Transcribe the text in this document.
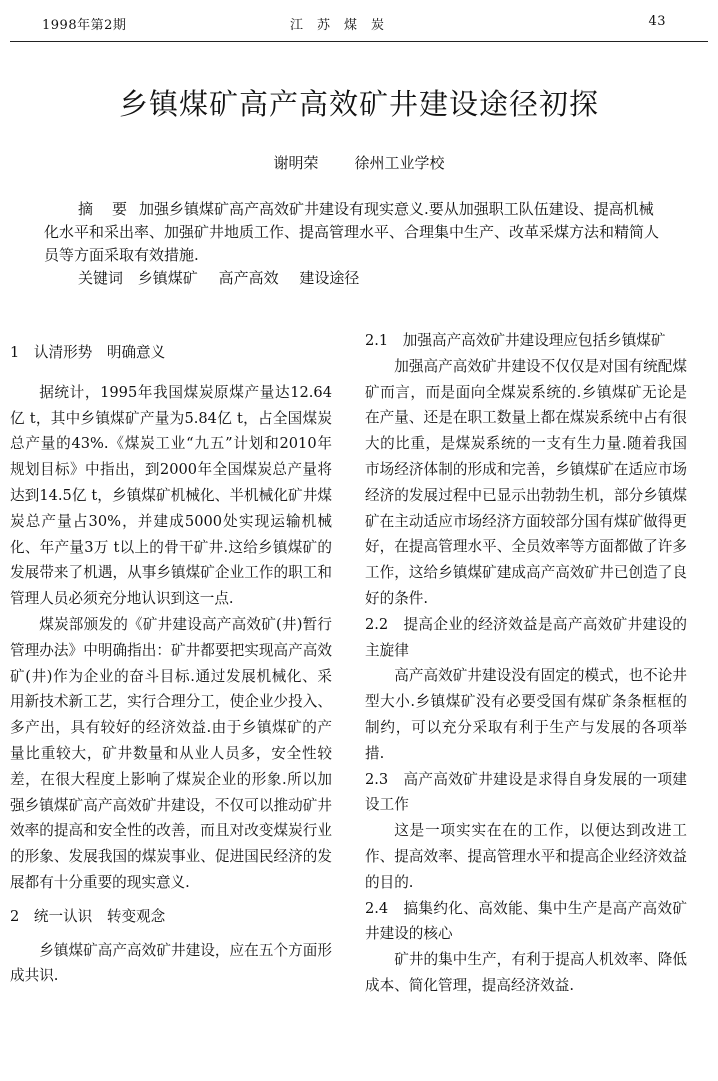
1998年第2期	江苏煤炭	43
乡镇煤矿高产高效矿井建设途径初探
谢明荣 徐州工业学校

摘　要 加强乡镇煤矿高产高效矿井建设有现实意义.要从加强职工队伍建设、提高机械化水平和采出率、加强矿井地质工作、提高管理水平、合理集中生产、改革采煤方法和精简人员等方面采取有效措施.

关键词 乡镇煤矿 高产高效 建设途径

1　认清形势　明确意义

据统计，1995年我国煤炭原煤产量达12.64亿 t，其中乡镇煤矿产量为5.84亿 t，占全国煤炭总产量的43%.《煤炭工业“九五”计划和2010年规划目标》中指出，到2000年全国煤炭总产量将达到14.5亿 t，乡镇煤矿机械化、半机械化矿井煤炭总产量占30%，并建成5000处实现运输机械化、年产量3万 t以上的骨干矿井.这给乡镇煤矿的发展带来了机遇，从事乡镇煤矿企业工作的职工和管理人员必须充分地认识到这一点.

煤炭部颁发的《矿井建设高产高效矿(井)暂行管理办法》中明确指出：矿井都要把实现高产高效矿(井)作为企业的奋斗目标.通过发展机械化、采用新技术新工艺，实行合理分工，使企业少投入、多产出，具有较好的经济效益.由于乡镇煤矿的产量比重较大，矿井数量和从业人员多，安全性较差，在很大程度上影响了煤炭企业的形象.所以加强乡镇煤矿高产高效矿井建设，不仅可以推动矿井效率的提高和安全性的改善，而且对改变煤炭行业的形象、发展我国的煤炭事业、促进国民经济的发展都有十分重要的现实意义.

2　统一认识　转变观念

乡镇煤矿高产高效矿井建设，应在五个方面形成共识.

2.1　加强高产高效矿井建设理应包括乡镇煤矿

加强高产高效矿井建设不仅仅是对国有统配煤矿而言，而是面向全煤炭系统的.乡镇煤矿无论是在产量、还是在职工数量上都在煤炭系统中占有很大的比重，是煤炭系统的一支有生力量.随着我国市场经济体制的形成和完善，乡镇煤矿在适应市场经济的发展过程中已显示出勃勃生机，部分乡镇煤矿在主动适应市场经济方面较部分国有煤矿做得更好，在提高管理水平、全员效率等方面都做了许多工作，这给乡镇煤矿建成高产高效矿井已创造了良好的条件.

2.2　提高企业的经济效益是高产高效矿井建设的主旋律

高产高效矿井建设没有固定的模式，也不论井型大小.乡镇煤矿没有必要受国有煤矿条条框框的制约，可以充分采取有利于生产与发展的各项举措.

2.3　高产高效矿井建设是求得自身发展的一项建设工作

这是一项实实在在的工作，以便达到改进工作、提高效率、提高管理水平和提高企业经济效益的目的.

2.4　搞集约化、高效能、集中生产是高产高效矿井建设的核心

矿井的集中生产，有利于提高人机效率、降低成本、简化管理，提高经济效益.
